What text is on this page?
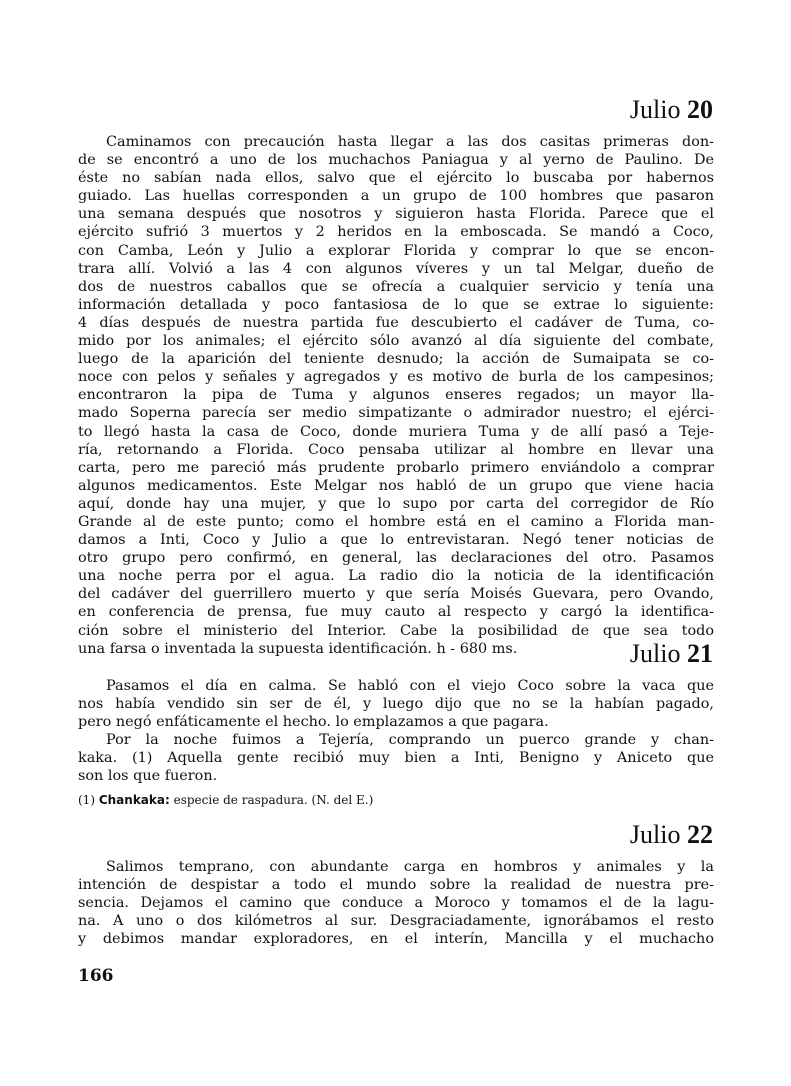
Julio 20
Caminamos con precaución hasta llegar a las dos casitas primeras don-
de se encontró a uno de los muchachos Paniagua y al yerno de Paulino. De
éste no sabían nada ellos, salvo que el ejército lo buscaba por habernos
guiado. Las huellas corresponden a un grupo de 100 hombres que pasaron
una semana después que nosotros y siguieron hasta Florida. Parece que el
ejército sufrió 3 muertos y 2 heridos en la emboscada. Se mandó a Coco,
con Camba, León y Julio a explorar Florida y comprar lo que se encon-
trara allí. Volvió a las 4 con algunos víveres y un tal Melgar, dueño de
dos de nuestros caballos que se ofrecía a cualquier servicio y tenía una
información detallada y poco fantasiosa de lo que se extrae lo siguiente:
4 días después de nuestra partida fue descubierto el cadáver de Tuma, co-
mido por los animales; el ejército sólo avanzó al día siguiente del combate,
luego de la aparición del teniente desnudo; la acción de Sumaipata se co-
noce con pelos y señales y agregados y es motivo de burla de los campesinos;
encontraron la pipa de Tuma y algunos enseres regados; un mayor lla-
mado Soperna parecía ser medio simpatizante o admirador nuestro; el ejérci-
to llegó hasta la casa de Coco, donde muriera Tuma y de allí pasó a Teje-
ría, retornando a Florida. Coco pensaba utilizar al hombre en llevar una
carta, pero me pareció más prudente probarlo primero enviándolo a comprar
algunos medicamentos. Este Melgar nos habló de un grupo que viene hacia
aquí, donde hay una mujer, y que lo supo por carta del corregidor de Río
Grande al de este punto; como el hombre está en el camino a Florida man-
damos a Inti, Coco y Julio a que lo entrevistaran. Negó tener noticias de
otro grupo pero confirmó, en general, las declaraciones del otro. Pasamos
una noche perra por el agua. La radio dio la noticia de la identificación
del cadáver del guerrillero muerto y que sería Moisés Guevara, pero Ovando,
en conferencia de prensa, fue muy cauto al respecto y cargó la identifica-
ción sobre el ministerio del Interior. Cabe la posibilidad de que sea todo
una farsa o inventada la supuesta identificación. h - 680 ms.	Julio 21
Pasamos el día en calma. Se habló con el viejo Coco sobre la vaca que
nos había vendido sin ser de él, y luego dijo que no se la habían pagado,
pero negó enfáticamente el hecho. lo emplazamos a que pagara.
Por la noche fuimos a Tejería, comprando un puerco grande y chan-
kaka. (1) Aquella gente recibió muy bien a Inti, Benigno y Aniceto que
son los que fueron.
(1) Chankaka: especie de raspadura. (N. del E.)
Julio 22
Salimos temprano, con abundante carga en hombros y animales y la
intención de despistar a todo el mundo sobre la realidad de nuestra pre-
sencia. Dejamos el camino que conduce a Moroco y tomamos el de la lagu-
na. A uno o dos kilómetros al sur. Desgraciadamente, ignorábamos el resto
y debimos mandar exploradores, en el interín, Mancilla y el muchacho
166
